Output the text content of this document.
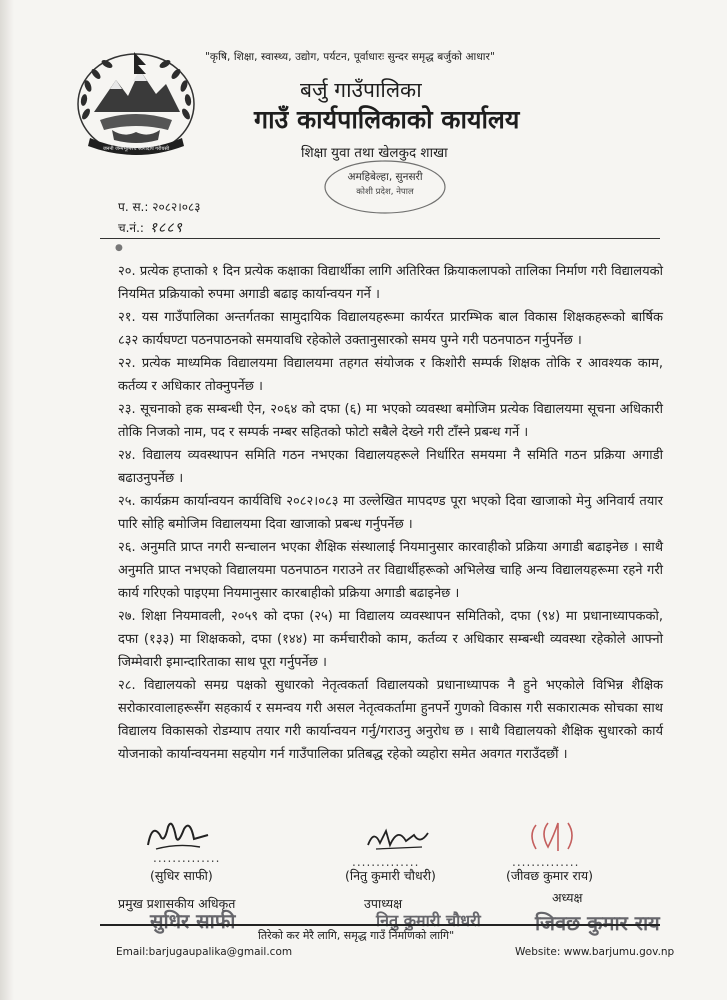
जननी जन्मभूमिश्च स्वर्गादपि गरीयसी
"कृषि, शिक्षा, स्वास्थ्य, उद्योग, पर्यटन, पूर्वाधारः सुन्दर समृद्ध बर्जुको आधार"
बर्जु गाउँपालिका
गाउँ कार्यपालिकाको कार्यालय
शिक्षा युवा तथा खेलकुद शाखा
अमहिबेल्हा, सुनसरी
कोशी प्रदेश, नेपाल
प. स.: २०८२।०८३
च.नं.: १८८९
●

२०. प्रत्येक हप्ताको १ दिन प्रत्येक कक्षाका विद्यार्थीका लागि अतिरिक्त क्रियाकलापको तालिका निर्माण गरी विद्यालयको नियमित प्रक्रियाको रुपमा अगाडी बढाइ कार्यान्वयन गर्ने ।

२१. यस गाउँपालिका अन्तर्गतका सामुदायिक विद्यालयहरूमा कार्यरत प्रारम्भिक बाल विकास शिक्षकहरूको बार्षिक ८३२ कार्यघण्टा पठनपाठनको समयावधि रहेकोले उक्तानुसारको समय पुग्ने गरी पठनपाठन गर्नुपर्नेछ ।

२२. प्रत्येक माध्यमिक विद्यालयमा विद्यालयमा तहगत संयोजक र किशोरी सम्पर्क शिक्षक तोकि र आवश्यक काम, कर्तव्य र अधिकार तोक्नुपर्नेछ ।

२३. सूचनाको हक सम्बन्धी ऐन, २०६४ को दफा (६) मा भएको व्यवस्था बमोजिम प्रत्येक विद्यालयमा सूचना अधिकारी तोकि निजको नाम, पद र सम्पर्क नम्बर सहितको फोटो सबैले देख्ने गरी टाँस्ने प्रबन्ध गर्ने ।

२४. विद्यालय व्यवस्थापन समिति गठन नभएका विद्यालयहरूले निर्धारित समयमा नै समिति गठन प्रक्रिया अगाडी बढाउनुपर्नेछ ।

२५. कार्यक्रम कार्यान्वयन कार्यविधि २०८२।०८३ मा उल्लेखित मापदण्ड पूरा भएको दिवा खाजाको मेनु अनिवार्य तयार पारि सोहि बमोजिम विद्यालयमा दिवा खाजाको प्रबन्ध गर्नुपर्नेछ ।

२६. अनुमति प्राप्त नगरी सन्चालन भएका शैक्षिक संस्थालाई नियमानुसार कारवाहीको प्रक्रिया अगाडी बढाइनेछ । साथै अनुमति प्राप्त नभएको विद्यालयमा पठनपाठन गराउने तर विद्यार्थीहरूको अभिलेख चाहि अन्य विद्यालयहरूमा रहने गरी कार्य गरिएको पाइएमा नियमानुसार कारबाहीको प्रक्रिया अगाडी बढाइनेछ ।

२७. शिक्षा नियमावली, २०५९ को दफा (२५) मा विद्यालय व्यवस्थापन समितिको, दफा (९४) मा प्रधानाध्यापकको, दफा (१३३) मा शिक्षकको, दफा (१४४) मा कर्मचारीको काम, कर्तव्य र अधिकार सम्बन्धी व्यवस्था रहेकोले आफ्नो जिम्मेवारी इमान्दारिताका साथ पूरा गर्नुपर्नेछ ।

२८. विद्यालयको समग्र पक्षको सुधारको नेतृत्वकर्ता विद्यालयको प्रधानाध्यापक नै हुने भएकोले विभिन्न शैक्षिक सरोकारवालाहरूसँग सहकार्य र समन्वय गरी असल नेतृत्वकर्तामा हुनपर्ने गुणको विकास गरी सकारात्मक सोचका साथ विद्यालय विकासको रोडम्याप तयार गरी कार्यान्वयन गर्नु/गराउनु अनुरोध छ । साथै विद्यालयको शैक्षिक सुधारको कार्य योजनाको कार्यान्वयनमा सहयोग गर्न गाउँपालिका प्रतिबद्ध रहेको व्यहोरा समेत अवगत गराउँदछौं ।

..............	..............	..............
(सुधिर साफी)	(नितु कुमारी चौधरी)	(जीवछ कुमार राय)
प्रमुख प्रशासकीय अधिकृत	उपाध्यक्ष	अध्यक्ष
सुधिर साफी	नितु कुमारी चौधरी	जिवछ कुमार राय
तिरेको कर मेरै लागि, समृद्ध गाउँ निर्माणको लागि"
Email:barjugaupalika@gmail.com	Website: www.barjumu.gov.np
